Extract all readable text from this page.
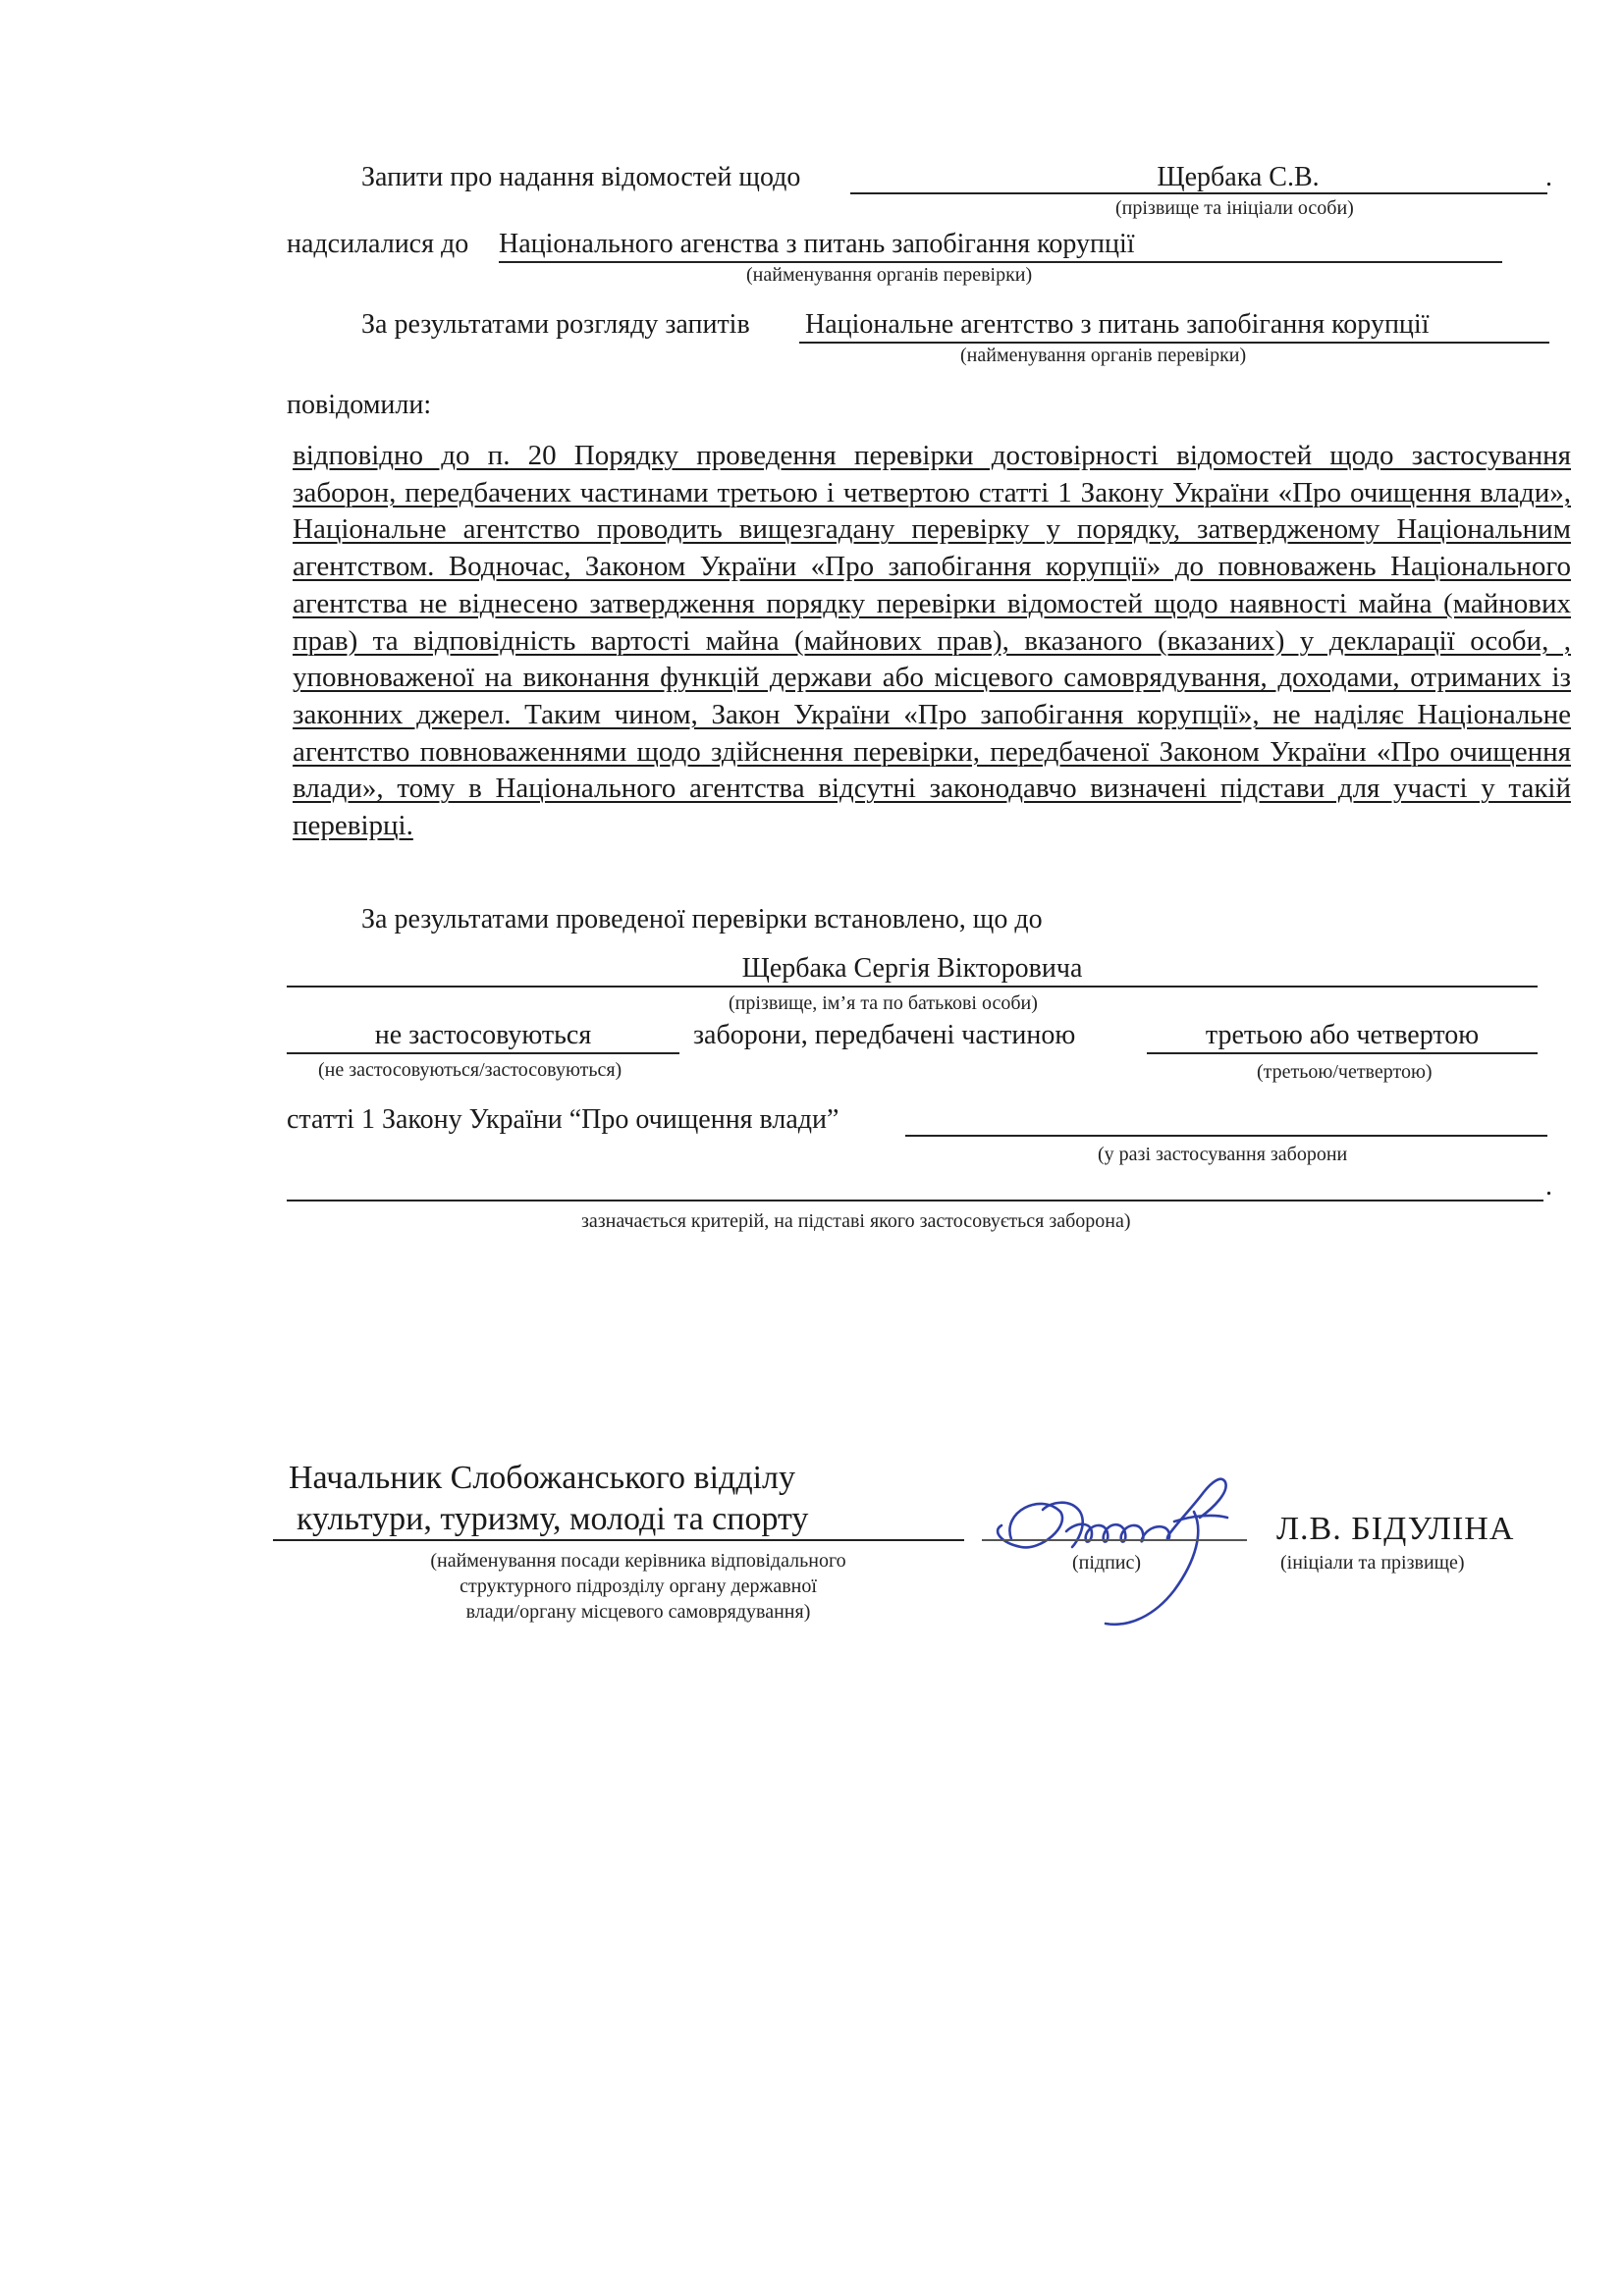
Запити про надання відомостей щодо	Щербака С.В.	.
(прізвище та ініціали особи)
надсилалися до Національного агенства з питань запобігання корупції
(найменування органів перевірки)
За результатами розгляду запитів Національне агентство з питань запобігання корупції
(найменування органів перевірки)
повідомили:
відповідно до п. 20 Порядку проведення перевірки достовірності відомостей щодо застосування заборон, передбачених частинами третьою і четвертою статті 1 Закону України «Про очищення влади», Національне агентство проводить вищезгадану перевірку у порядку, затвердженому Національним агентством. Водночас, Законом України «Про запобігання корупції» до повноважень Національного агентства не віднесено затвердження порядку перевірки відомостей щодо наявності майна (майнових прав) та відповідність вартості майна (майнових прав), вказаного (вказаних) у декларації особи, , уповноваженої на виконання функцій держави або місцевого самоврядування, доходами, отриманих із законних джерел. Таким чином, Закон України «Про запобігання корупції», не наділяє Національне агентство повноваженнями щодо здійснення перевірки, передбаченої Законом України «Про очищення влади», тому в Національного агентства відсутні законодавчо визначені підстави для участі у такій перевірці.
За результатами проведеної перевірки встановлено, що до
Щербака Сергія Вікторовича
(прізвище, ім’я та по батькові особи)
не застосовуються	заборони, передбачені частиною	третьою або четвертою
(не застосовуються/застосовуються)	(третьою/четвертою)
статті 1 Закону України “Про очищення влади”
(у разі застосування заборони
.
зазначається критерій, на підставі якого застосовується заборона)
Начальник Слобожанського відділу
культури, туризму, молоді та спорту
(найменування посади керівника відповідального
структурного підрозділу органу державної
влади/органу місцевого самоврядування)
(підпис)
Л.В. БІДУЛІНА
(ініціали та прізвище)
